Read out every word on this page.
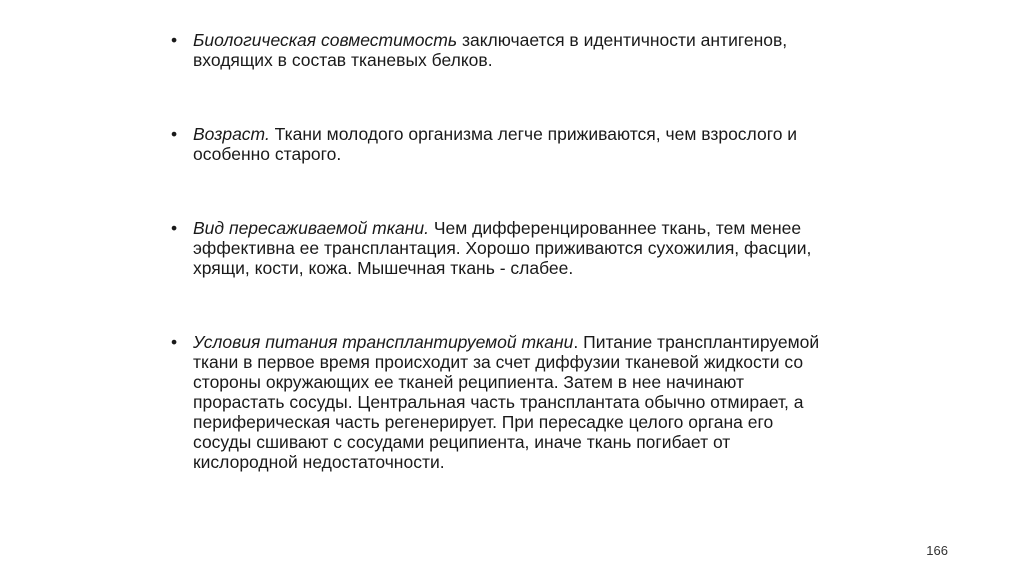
• Биологическая совместимость заключается в идентичности антигенов, входящих в состав тканевых белков.
• Возраст. Ткани молодого организма легче приживаются, чем взрослого и особенно старого.
• Вид пересаживаемой ткани. Чем дифференцированнее ткань, тем менее эффективна ее трансплантация. Хорошо приживаются сухожилия, фасции, хрящи, кости, кожа. Мышечная ткань - слабее.
• Условия питания трансплантируемой ткани. Питание трансплантируемой ткани в первое время происходит за счет диффузии тканевой жидкости со стороны окружающих ее тканей реципиента. Затем в нее начинают прорастать сосуды. Центральная часть трансплантата обычно отмирает, а периферическая часть регенерирует. При пересадке целого органа его сосуды сшивают с сосудами реципиента, иначе ткань погибает от кислородной недостаточности.
166
